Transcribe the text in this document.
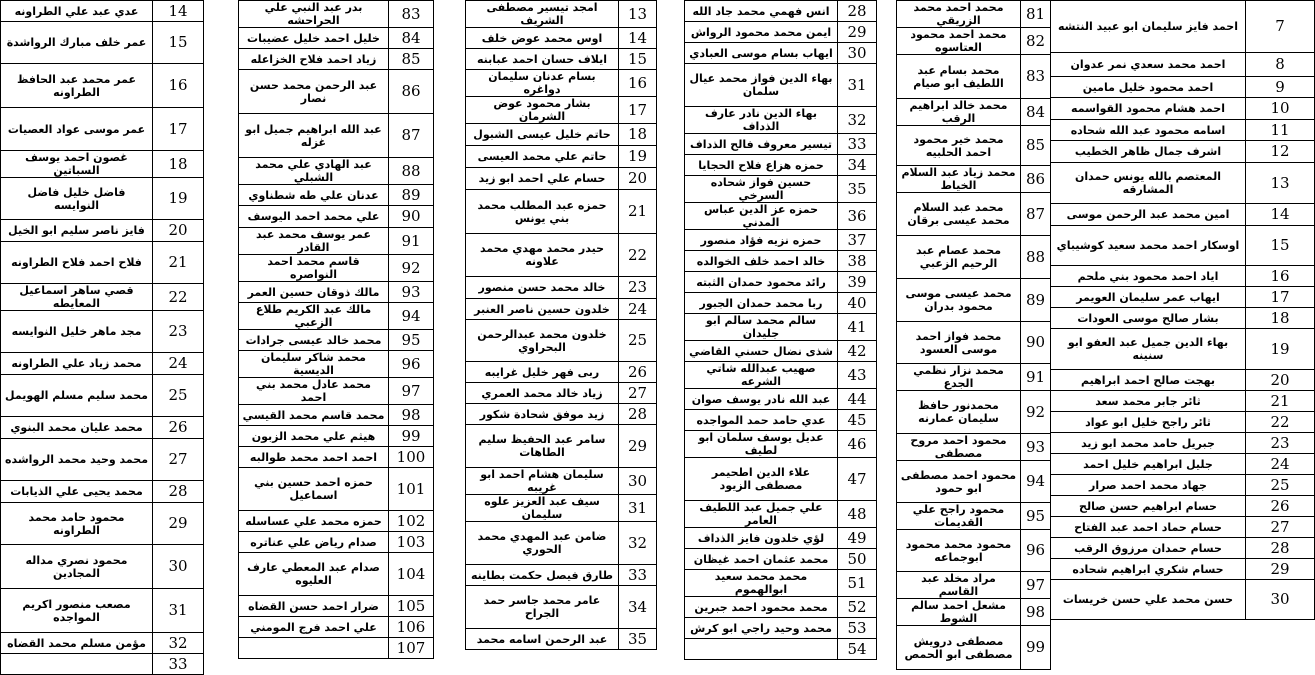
احمد فايز سليمان ابو عبيد النتشه	7
احمد محمد سعدي نمر عدوان	8
احمد محمود خليل مامين	9
احمد هشام محمود القواسمه	10
اسامه محمود عبد الله شحاده	11
اشرف جمال ظاهر الخطيب	12
المعتصم بالله يونس حمدان المشارقه	13
امين محمد عبد الرحمن موسى	14
اوسكار احمد محمد سعيد كوشيباي	15
اياد احمد محمود بني ملحم	16
ايهاب عمر سليمان العويمر	17
بشار صالح موسى العودات	18
بهاء الدين جميل عبد العفو ابو سنينه	19
بهجت صالح احمد ابراهيم	20
ثائر جابر محمد سعد	21
ثائر راجح خليل ابو عواد	22
جبريل حامد محمد ابو زيد	23
جليل ابراهيم خليل احمد	24
جهاد محمد احمد صرار	25
حسام ابراهيم حسن صالح	26
حسام حماد احمد عبد الفتاح	27
حسام حمدان مرزوق الرقب	28
حسام شكري ابراهيم شحاده	29
حسن محمد علي حسن خريسات	30
محمد احمد محمد الزريقي	81
محمد احمد محمود العتاسوه	82
محمد بسام عبد اللطيف ابو صيام	83
محمد خالد ابراهيم الرقب	84
محمد خير محمود احمد الحلبيه	85
محمد زياد عبد السلام الخياط	86
محمد عبد السلام محمد عيسى برقان	87
محمد عصام عبد الرحيم الزعبي	88
محمد عيسى موسى محمود بدران	89
محمد فواز احمد موسى العسود	90
محمد نزار نظمي الجدع	91
محمدنور حافظ سليمان عمارنه	92
محمود احمد مروح مصطفى	93
محمود احمد مصطفى ابو حمود	94
محمود راجح علي القديمات	95
محمود محمد محمود ابوجماعه	96
مراد مخلد عبد القاسم	97
مشعل احمد سالم الشوط	98
مصطفى درويش مصطفى ابو الحمص	99
انس فهمي محمد جاد الله	28
ايمن محمد محمود الرواش	29
ايهاب بسام موسى العبادي	30
بهاء الدين فواز محمد عيال سلمان	31
بهاء الدين نادر عارف الذداف	32
تيسير معروف فالح الذداف	33
حمزه هزاع فلاح الحجايا	34
حسين فواز شحاده السرخي	35
حمزه عز الدين عباس المدني	36
حمزه نزيه فؤاد منصور	37
خالد احمد خلف الخوالده	38
رائد محمود حمدان الثبته	39
ربا محمد حمدان الجبور	40
سالم محمد سالم ابو جليدان	41
شذى نضال حسني القاضي	42
صهيب عبدالله شاتي الشرعه	43
عبد الله نادر يوسف صوان	44
عدي حامد حمد المواجده	45
عديل يوسف سلمان ابو لطيف	46
علاء الدين اطحيمر مصطفى الزيود	47
علي جميل عبد اللطيف العامر	48
لؤي خلدون فايز الذداف	49
محمد عثمان احمد غيظان	50
محمد محمد سعيد ابوالهموم	51
محمد محمود احمد جبرين	52
محمد وحيد راجي ابو كرش	53
	54
امجد تيسير مصطفى الشريف	13
اوس محمد عوض خلف	14
ايلاف حسان احمد عبابنه	15
بسام عدنان سليمان دواغره	16
بشار محمود عوض الشرمان	17
حاتم خليل عيسى الشبول	18
حاتم علي محمد العيسى	19
حسام علي احمد ابو زيد	20
حمزه عبد المطلب محمد بني يونس	21
حيدر محمد مهدي محمد علاونه	22
خالد محمد حسن منصور	23
خلدون حسين ناصر العنبر	24
خلدون محمد عبدالرحمن البحراوي	25
ربى فهر خليل غرايبه	26
زياد خالد محمد العمري	27
زيد موفق شحادة شكور	28
سامر عبد الحفيظ سليم الطاهات	29
سليمان هشام احمد ابو غريبه	30
سيف عبد العزيز علوه سليمان	31
ضامن عبد المهدي محمد الحوري	32
طارق فيصل حكمت بطاينه	33
عامر محمد جاسر حمد الجراح	34
عبد الرحمن اسامه محمد	35
بدر عبد النبي علي الحراحشه	83
خليل احمد خليل عضيبات	84
زياد احمد فلاح الخزاعله	85
عبد الرحمن محمد حسن نصار	86
عبد الله ابراهيم جميل ابو غزله	87
عبد الهادي علي محمد الشبلي	88
عدنان علي طه شطناوي	89
علي محمد احمد اليوسف	90
عمر يوسف محمد عبد القادر	91
قاسم محمد احمد النواصره	92
مالك ذوقان حسين العمر	93
مالك عبد الكريم طلاع الزعبي	94
محمد خالد عيسى جرادات	95
محمد شاكر سليمان الديسية	96
محمد عادل محمد بني احمد	97
محمد قاسم محمد القيسي	98
هيثم علي محمد الزبون	99
احمد احمد محمد طوالبه	100
حمزه احمد حسين بني اسماعيل	101
حمزه محمد علي عساسله	102
صدام رياض علي عناتره	103
صدام عبد المعطي عارف العليوه	104
ضرار احمد حسن القضاه	105
علي احمد فرج المومني	106
	107
عدي عبد علي الطراونه	14
عمر خلف مبارك الرواشدة	15
عمر محمد عبد الحافظ الطراونه	16
عمر موسى عواد العصيات	17
غصون احمد يوسف السباتين	18
فاضل خليل فاضل النوايسه	19
فايز ناصر سليم ابو الخيل	20
فلاح احمد فلاح الطراونه	21
قصي ساهر اسماعيل المعايطه	22
مجد ماهر خليل النوايسه	23
محمد زياد علي الطراونه	24
محمد سليم مسلم الهويمل	25
محمد عليان محمد البنوي	26
محمد وحيد محمد الرواشده	27
محمد يحيى علي الذيابات	28
محمود حامد محمد الطراونه	29
محمود نصري مداله المجادين	30
مصعب منصور اكريم المواجده	31
مؤمن مسلم محمد القضاه	32
	33
